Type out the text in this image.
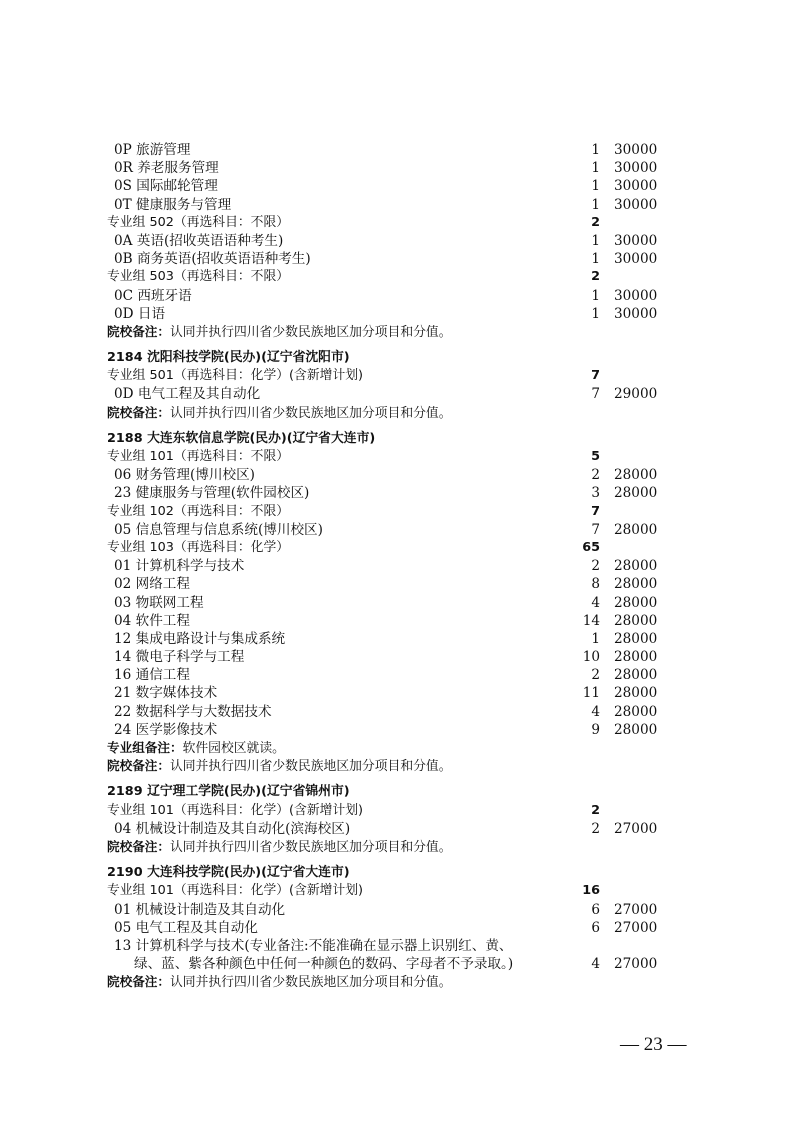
0P 旅游管理	1 30000
0R 养老服务管理	1 30000
0S 国际邮轮管理	1 30000
0T 健康服务与管理	1 30000
专业组 502（再选科目：不限）	2
0A 英语(招收英语语种考生)	1 30000
0B 商务英语(招收英语语种考生)	1 30000
专业组 503（再选科目：不限）	2
0C 西班牙语	1 30000
0D 日语	1 30000
院校备注：认同并执行四川省少数民族地区加分项目和分值。
2184 沈阳科技学院(民办)(辽宁省沈阳市)
专业组 501（再选科目：化学）(含新增计划)	7
0D 电气工程及其自动化	7 29000
院校备注：认同并执行四川省少数民族地区加分项目和分值。
2188 大连东软信息学院(民办)(辽宁省大连市)
专业组 101（再选科目：不限）	5
06 财务管理(博川校区)	2 28000
23 健康服务与管理(软件园校区)	3 28000
专业组 102（再选科目：不限）	7
05 信息管理与信息系统(博川校区)	7 28000
专业组 103（再选科目：化学）	65
01 计算机科学与技术	2 28000
02 网络工程	8 28000
03 物联网工程	4 28000
04 软件工程	14 28000
12 集成电路设计与集成系统	1 28000
14 微电子科学与工程	10 28000
16 通信工程	2 28000
21 数字媒体技术	11 28000
22 数据科学与大数据技术	4 28000
24 医学影像技术	9 28000
专业组备注：软件园校区就读。
院校备注：认同并执行四川省少数民族地区加分项目和分值。
2189 辽宁理工学院(民办)(辽宁省锦州市)
专业组 101（再选科目：化学）(含新增计划)	2
04 机械设计制造及其自动化(滨海校区)	2 27000
院校备注：认同并执行四川省少数民族地区加分项目和分值。
2190 大连科技学院(民办)(辽宁省大连市)
专业组 101（再选科目：化学）(含新增计划)	16
01 机械设计制造及其自动化	6 27000
05 电气工程及其自动化	6 27000
13 计算机科学与技术(专业备注:不能准确在显示器上识别红、黄、
绿、蓝、紫各种颜色中任何一种颜色的数码、字母者不予录取。)	4 27000
院校备注：认同并执行四川省少数民族地区加分项目和分值。
— 23 —
